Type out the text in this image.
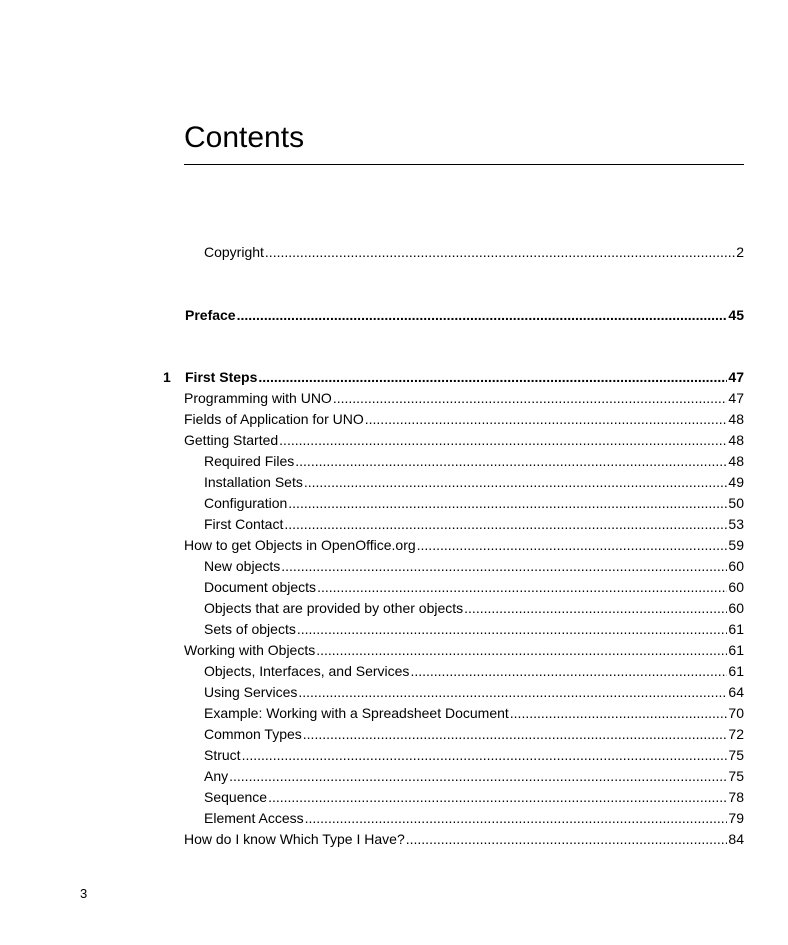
Contents
1
Copyright .....	2
Preface .....	45
First Steps .....	47
Programming with UNO .....	47
Fields of Application for UNO .....	48
Getting Started .....	48
Required Files .....	48
Installation Sets .....	49
Configuration .....	50
First Contact .....	53
How to get Objects in OpenOffice.org .....	59
New objects .....	60
Document objects .....	60
Objects that are provided by other objects .....	60
Sets of objects .....	61
Working with Objects .....	61
Objects, Interfaces, and Services .....	61
Using Services .....	64
Example: Working with a Spreadsheet Document .....	70
Common Types .....	72
Struct .....	75
Any .....	75
Sequence .....	78
Element Access .....	79
How do I know Which Type I Have? .....	84
3
